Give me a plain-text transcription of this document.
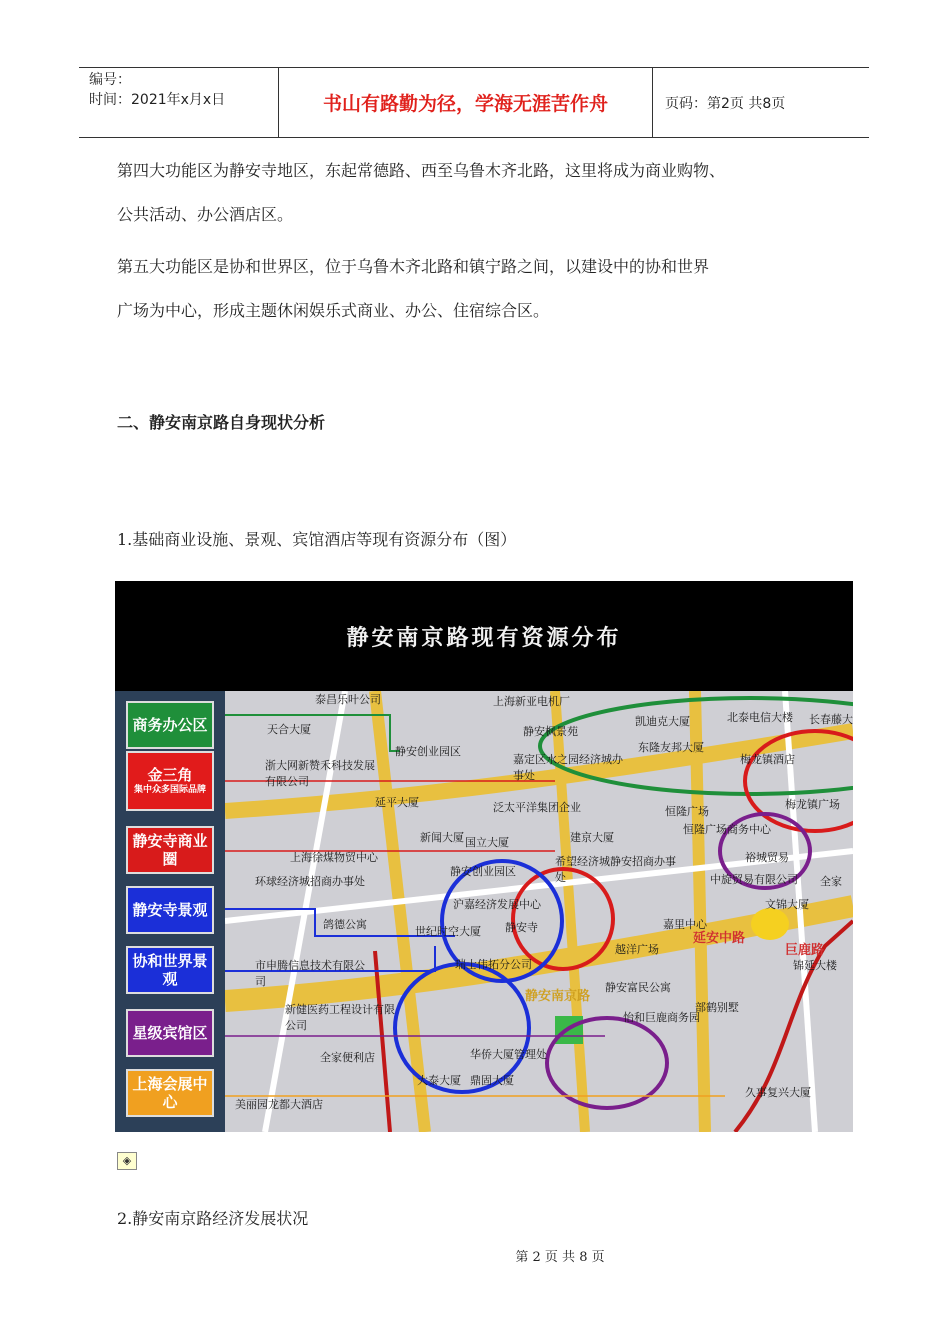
编号：
时间：2021年x月x日	书山有路勤为径，学海无涯苦作舟	页码：第2页 共8页
第四大功能区为静安寺地区，东起常德路、西至乌鲁木齐北路，这里将成为商业购物、
公共活动、办公酒店区。
第五大功能区是协和世界区，位于乌鲁木齐北路和镇宁路之间，以建设中的协和世界
广场为中心，形成主题休闲娱乐式商业、办公、住宿综合区。
二、静安南京路自身现状分析
1.基础商业设施、景观、宾馆酒店等现有资源分布（图）
静安南京路现有资源分布
商务办公区
金三角
集中众多国际品牌
静安寺商业圈
静安寺景观
协和世界景观
星级宾馆区
上海会展中心
泰昌乐叶公司	上海新亚电机厂
天合大厦
静安创业园区
静安枫景苑
浙大网新赞禾科技发展有限公司
嘉定区水之园经济城办事处
凯迪克大厦	北泰电信大楼 长春藤大
东隆友邦大厦
梅龙镇酒店
延平大厦	泛太平洋集团企业	恒隆广场
梅龙镇广场
恒隆广场商务中心
新闻大厦 国立大厦	建京大厦
上海徐煤物贸中心	希望经济城静安招商办事处
裕城贸易
环球经济城招商办事处
静安创业园区
中旋贸易有限公司
鸽德公寓
沪嘉经济发展中心	文锦大厦
世纪时空大厦 静安寺
越洋广场
嘉里中心
市申腾信息技术有限公司
瑞士伟拓分公司	锦延大楼
静安富民公寓
新健医药工程设计有限公司
怡和巨鹿商务园
全家便利店	华侨大厦管理处
大泰大厦 鼎固大厦
美丽园龙都大酒店
久事复兴大厦
部鹤别墅
全家
巨鹿路
延安中路
静安南京路
◈
2.静安南京路经济发展状况
第 2 页 共 8 页
